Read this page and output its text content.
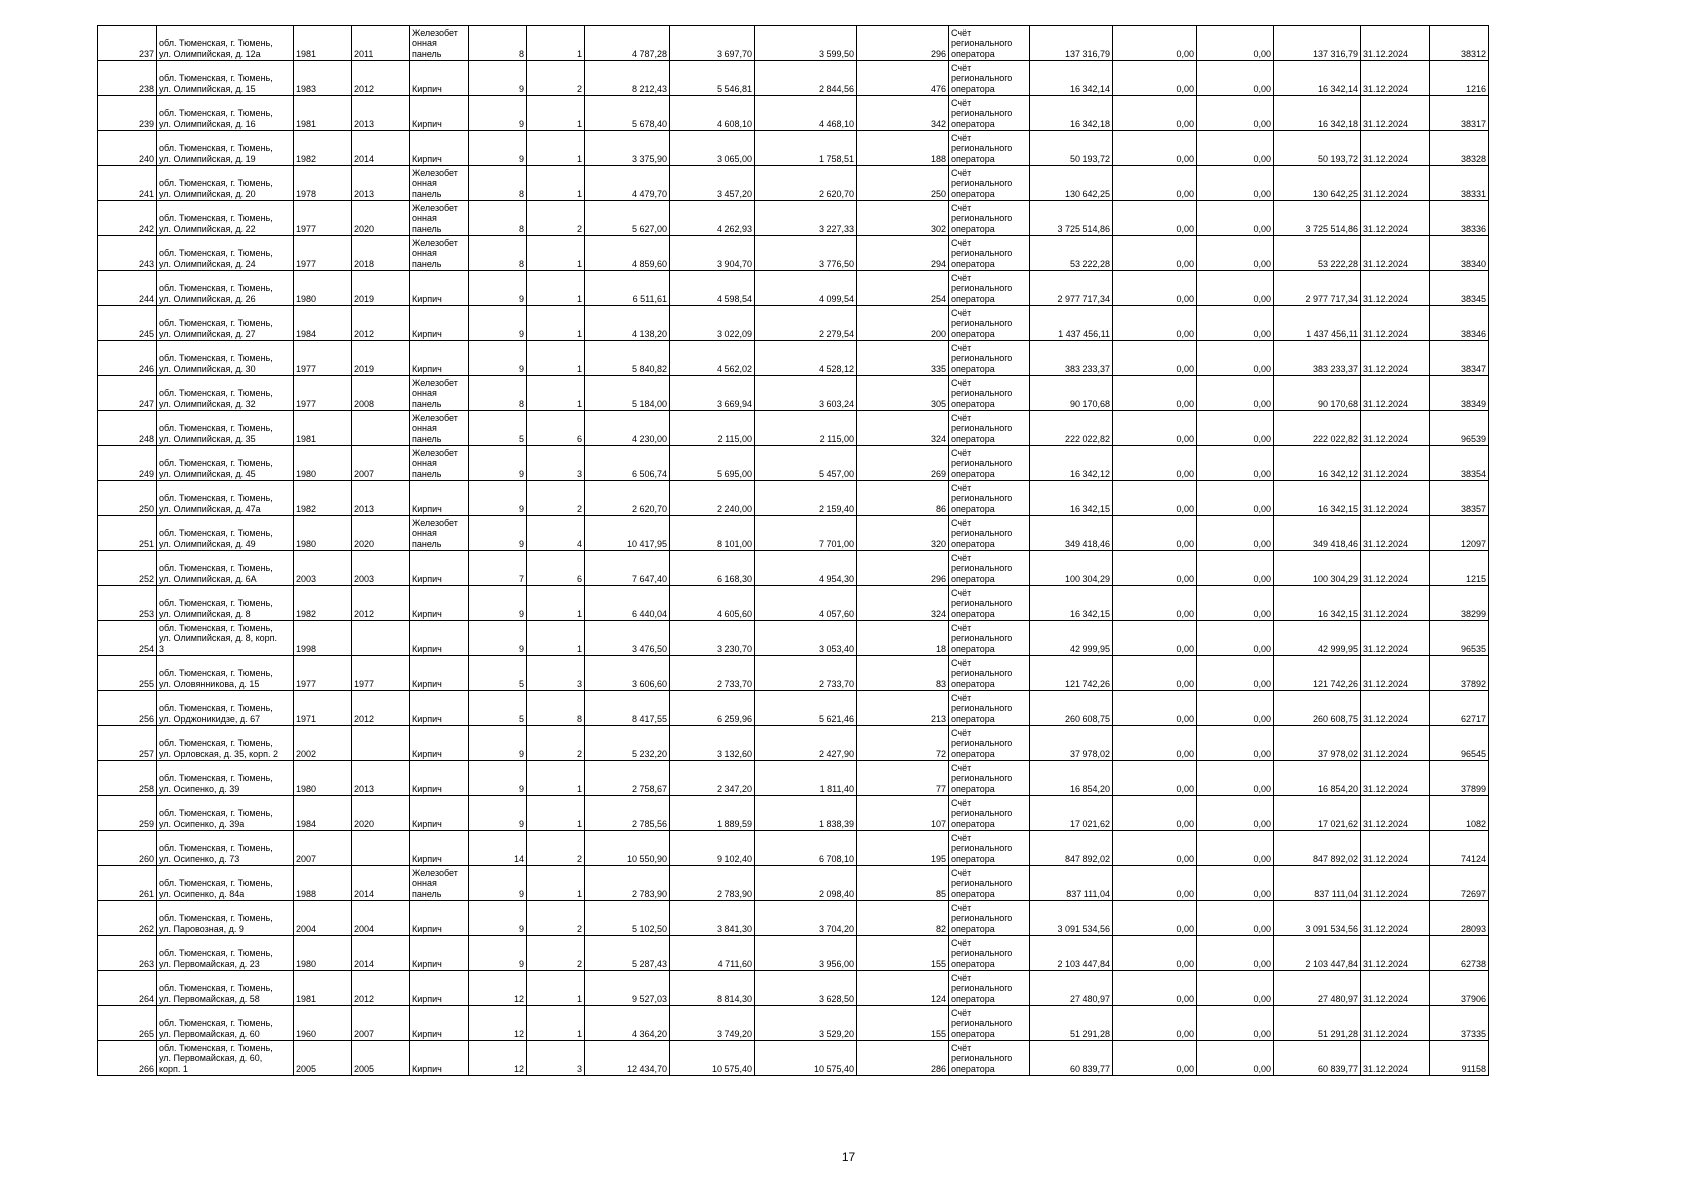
237	обл. Тюменская, г. Тюмень,
ул. Олимпийская, д. 12а	1981	2011	Железобет
онная
панель	8	1	4 787,28	3 697,70	3 599,50	296	Счёт
регионального
оператора	137 316,79	0,00	0,00	137 316,79	31.12.2024	38312
238	обл. Тюменская, г. Тюмень,
ул. Олимпийская, д. 15	1983	2012	Кирпич	9	2	8 212,43	5 546,81	2 844,56	476	Счёт
регионального
оператора	16 342,14	0,00	0,00	16 342,14	31.12.2024	1216
239	обл. Тюменская, г. Тюмень,
ул. Олимпийская, д. 16	1981	2013	Кирпич	9	1	5 678,40	4 608,10	4 468,10	342	Счёт
регионального
оператора	16 342,18	0,00	0,00	16 342,18	31.12.2024	38317
240	обл. Тюменская, г. Тюмень,
ул. Олимпийская, д. 19	1982	2014	Кирпич	9	1	3 375,90	3 065,00	1 758,51	188	Счёт
регионального
оператора	50 193,72	0,00	0,00	50 193,72	31.12.2024	38328
241	обл. Тюменская, г. Тюмень,
ул. Олимпийская, д. 20	1978	2013	Железобет
онная
панель	8	1	4 479,70	3 457,20	2 620,70	250	Счёт
регионального
оператора	130 642,25	0,00	0,00	130 642,25	31.12.2024	38331
242	обл. Тюменская, г. Тюмень,
ул. Олимпийская, д. 22	1977	2020	Железобет
онная
панель	8	2	5 627,00	4 262,93	3 227,33	302	Счёт
регионального
оператора	3 725 514,86	0,00	0,00	3 725 514,86	31.12.2024	38336
243	обл. Тюменская, г. Тюмень,
ул. Олимпийская, д. 24	1977	2018	Железобет
онная
панель	8	1	4 859,60	3 904,70	3 776,50	294	Счёт
регионального
оператора	53 222,28	0,00	0,00	53 222,28	31.12.2024	38340
244	обл. Тюменская, г. Тюмень,
ул. Олимпийская, д. 26	1980	2019	Кирпич	9	1	6 511,61	4 598,54	4 099,54	254	Счёт
регионального
оператора	2 977 717,34	0,00	0,00	2 977 717,34	31.12.2024	38345
245	обл. Тюменская, г. Тюмень,
ул. Олимпийская, д. 27	1984	2012	Кирпич	9	1	4 138,20	3 022,09	2 279,54	200	Счёт
регионального
оператора	1 437 456,11	0,00	0,00	1 437 456,11	31.12.2024	38346
246	обл. Тюменская, г. Тюмень,
ул. Олимпийская, д. 30	1977	2019	Кирпич	9	1	5 840,82	4 562,02	4 528,12	335	Счёт
регионального
оператора	383 233,37	0,00	0,00	383 233,37	31.12.2024	38347
247	обл. Тюменская, г. Тюмень,
ул. Олимпийская, д. 32	1977	2008	Железобет
онная
панель	8	1	5 184,00	3 669,94	3 603,24	305	Счёт
регионального
оператора	90 170,68	0,00	0,00	90 170,68	31.12.2024	38349
248	обл. Тюменская, г. Тюмень,
ул. Олимпийская, д. 35	1981		Железобет
онная
панель	5	6	4 230,00	2 115,00	2 115,00	324	Счёт
регионального
оператора	222 022,82	0,00	0,00	222 022,82	31.12.2024	96539
249	обл. Тюменская, г. Тюмень,
ул. Олимпийская, д. 45	1980	2007	Железобет
онная
панель	9	3	6 506,74	5 695,00	5 457,00	269	Счёт
регионального
оператора	16 342,12	0,00	0,00	16 342,12	31.12.2024	38354
250	обл. Тюменская, г. Тюмень,
ул. Олимпийская, д. 47а	1982	2013	Кирпич	9	2	2 620,70	2 240,00	2 159,40	86	Счёт
регионального
оператора	16 342,15	0,00	0,00	16 342,15	31.12.2024	38357
251	обл. Тюменская, г. Тюмень,
ул. Олимпийская, д. 49	1980	2020	Железобет
онная
панель	9	4	10 417,95	8 101,00	7 701,00	320	Счёт
регионального
оператора	349 418,46	0,00	0,00	349 418,46	31.12.2024	12097
252	обл. Тюменская, г. Тюмень,
ул. Олимпийская, д. 6А	2003	2003	Кирпич	7	6	7 647,40	6 168,30	4 954,30	296	Счёт
регионального
оператора	100 304,29	0,00	0,00	100 304,29	31.12.2024	1215
253	обл. Тюменская, г. Тюмень,
ул. Олимпийская, д. 8	1982	2012	Кирпич	9	1	6 440,04	4 605,60	4 057,60	324	Счёт
регионального
оператора	16 342,15	0,00	0,00	16 342,15	31.12.2024	38299
254	обл. Тюменская, г. Тюмень,
ул. Олимпийская, д. 8, корп.
3	1998		Кирпич	9	1	3 476,50	3 230,70	3 053,40	18	Счёт
регионального
оператора	42 999,95	0,00	0,00	42 999,95	31.12.2024	96535
255	обл. Тюменская, г. Тюмень,
ул. Оловянникова, д. 15	1977	1977	Кирпич	5	3	3 606,60	2 733,70	2 733,70	83	Счёт
регионального
оператора	121 742,26	0,00	0,00	121 742,26	31.12.2024	37892
256	обл. Тюменская, г. Тюмень,
ул. Орджоникидзе, д. 67	1971	2012	Кирпич	5	8	8 417,55	6 259,96	5 621,46	213	Счёт
регионального
оператора	260 608,75	0,00	0,00	260 608,75	31.12.2024	62717
257	обл. Тюменская, г. Тюмень,
ул. Орловская, д. 35, корп. 2	2002		Кирпич	9	2	5 232,20	3 132,60	2 427,90	72	Счёт
регионального
оператора	37 978,02	0,00	0,00	37 978,02	31.12.2024	96545
258	обл. Тюменская, г. Тюмень,
ул. Осипенко, д. 39	1980	2013	Кирпич	9	1	2 758,67	2 347,20	1 811,40	77	Счёт
регионального
оператора	16 854,20	0,00	0,00	16 854,20	31.12.2024	37899
259	обл. Тюменская, г. Тюмень,
ул. Осипенко, д. 39а	1984	2020	Кирпич	9	1	2 785,56	1 889,59	1 838,39	107	Счёт
регионального
оператора	17 021,62	0,00	0,00	17 021,62	31.12.2024	1082
260	обл. Тюменская, г. Тюмень,
ул. Осипенко, д. 73	2007		Кирпич	14	2	10 550,90	9 102,40	6 708,10	195	Счёт
регионального
оператора	847 892,02	0,00	0,00	847 892,02	31.12.2024	74124
261	обл. Тюменская, г. Тюмень,
ул. Осипенко, д. 84а	1988	2014	Железобет
онная
панель	9	1	2 783,90	2 783,90	2 098,40	85	Счёт
регионального
оператора	837 111,04	0,00	0,00	837 111,04	31.12.2024	72697
262	обл. Тюменская, г. Тюмень,
ул. Паровозная, д. 9	2004	2004	Кирпич	9	2	5 102,50	3 841,30	3 704,20	82	Счёт
регионального
оператора	3 091 534,56	0,00	0,00	3 091 534,56	31.12.2024	28093
263	обл. Тюменская, г. Тюмень,
ул. Первомайская, д. 23	1980	2014	Кирпич	9	2	5 287,43	4 711,60	3 956,00	155	Счёт
регионального
оператора	2 103 447,84	0,00	0,00	2 103 447,84	31.12.2024	62738
264	обл. Тюменская, г. Тюмень,
ул. Первомайская, д. 58	1981	2012	Кирпич	12	1	9 527,03	8 814,30	3 628,50	124	Счёт
регионального
оператора	27 480,97	0,00	0,00	27 480,97	31.12.2024	37906
265	обл. Тюменская, г. Тюмень,
ул. Первомайская, д. 60	1960	2007	Кирпич	12	1	4 364,20	3 749,20	3 529,20	155	Счёт
регионального
оператора	51 291,28	0,00	0,00	51 291,28	31.12.2024	37335
266	обл. Тюменская, г. Тюмень,
ул. Первомайская, д. 60,
корп. 1	2005	2005	Кирпич	12	3	12 434,70	10 575,40	10 575,40	286	Счёт
регионального
оператора	60 839,77	0,00	0,00	60 839,77	31.12.2024	91158
17
